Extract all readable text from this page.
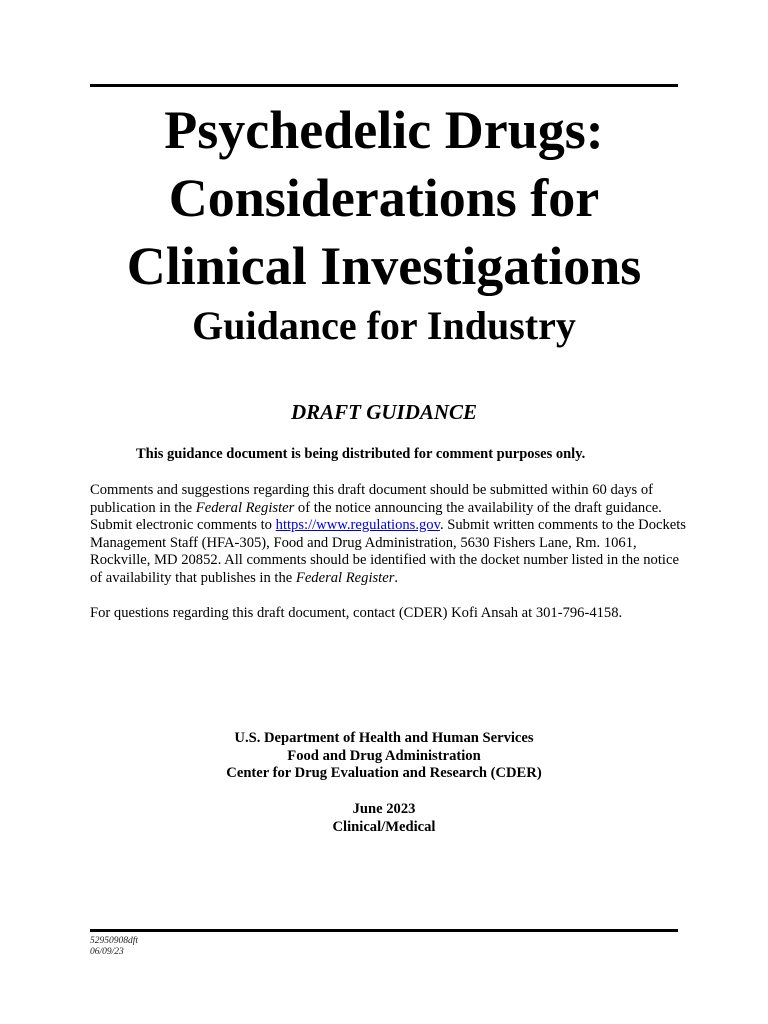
Psychedelic Drugs:
Considerations for
Clinical Investigations
Guidance for Industry
DRAFT GUIDANCE
This guidance document is being distributed for comment purposes only.
Comments and suggestions regarding this draft document should be submitted within 60 days of publication in the Federal Register of the notice announcing the availability of the draft guidance. Submit electronic comments to https://www.regulations.gov. Submit written comments to the Dockets Management Staff (HFA-305), Food and Drug Administration, 5630 Fishers Lane, Rm. 1061, Rockville, MD 20852. All comments should be identified with the docket number listed in the notice of availability that publishes in the Federal Register.
For questions regarding this draft document, contact (CDER) Kofi Ansah at 301-796-4158.
U.S. Department of Health and Human Services
Food and Drug Administration
Center for Drug Evaluation and Research (CDER)
June 2023
Clinical/Medical
52950908dft
06/09/23
